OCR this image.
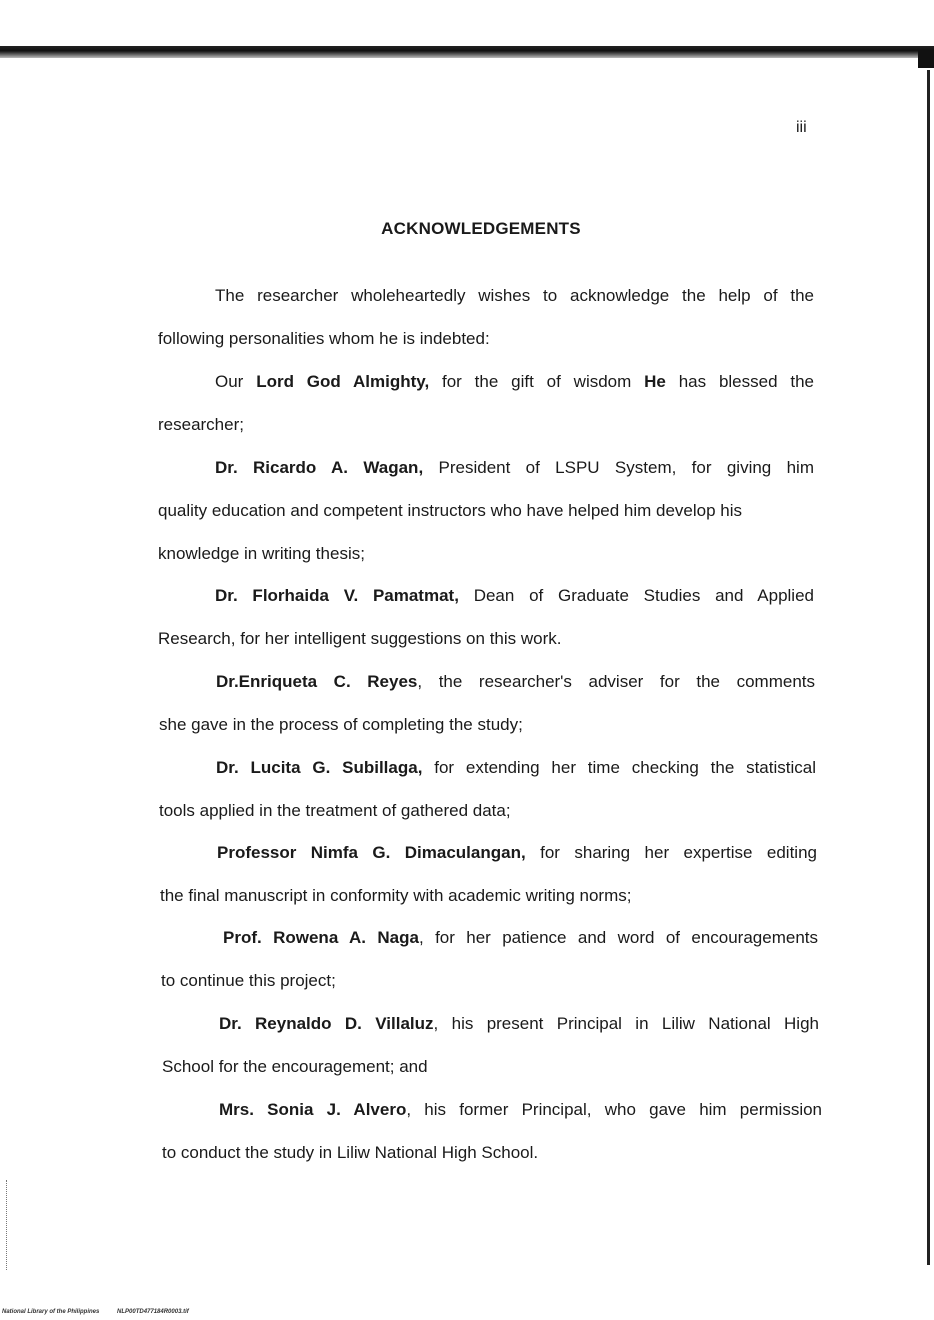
iii
ACKNOWLEDGEMENTS
The researcher wholeheartedly wishes to acknowledge the help of the
following personalities whom he is indebted:
Our Lord God Almighty, for the gift of wisdom He has blessed the
researcher;
Dr. Ricardo A. Wagan, President of LSPU System, for giving him
quality education and competent instructors who have helped him develop his
knowledge in writing thesis;
Dr. Florhaida V. Pamatmat, Dean of Graduate Studies and Applied
Research, for her intelligent suggestions on this work.
Dr.Enriqueta C. Reyes, the researcher's adviser for the comments
she gave in the process of completing the study;
Dr. Lucita G. Subillaga, for extending her time checking the statistical
tools applied in the treatment of gathered data;
Professor Nimfa G. Dimaculangan, for sharing her expertise editing
the final manuscript in conformity with academic writing norms;
Prof. Rowena A. Naga, for her patience and word of encouragements
to continue this project;
Dr. Reynaldo D. Villaluz, his present Principal in Liliw National High
School for the encouragement; and
Mrs. Sonia J. Alvero, his former Principal, who gave him permission
to conduct the study in Liliw National High School.
National Library of the Philippines	NLP00TD477184R0003.tif
